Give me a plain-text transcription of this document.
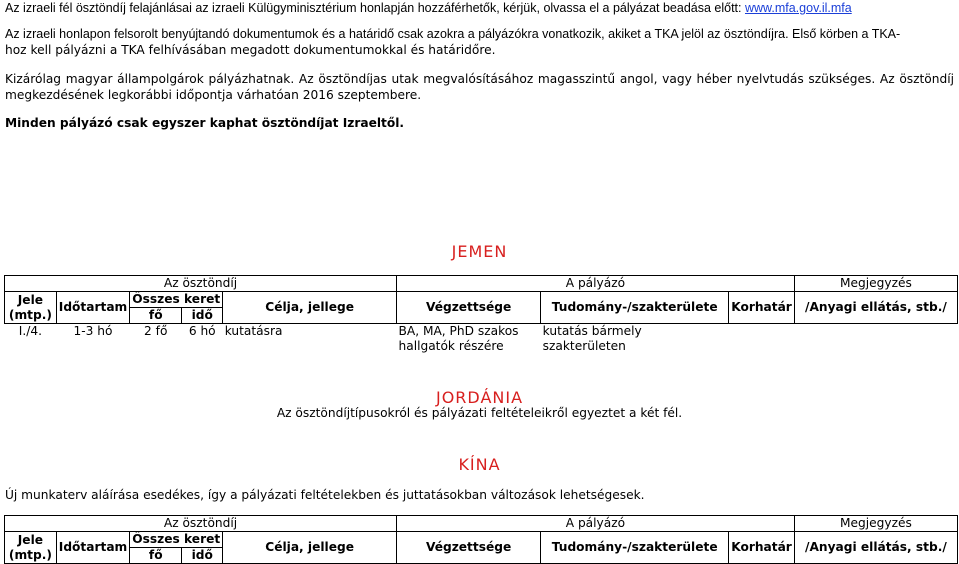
Az izraeli fél ösztöndíj felajánlásai az izraeli Külügyminisztérium honlapján hozzáférhetők, kérjük, olvassa el a pályázat beadása előtt: www.mfa.gov.il.mfa
Az izraeli honlapon felsorolt benyújtandó dokumentumok és a határidő csak azokra a pályázókra vonatkozik, akiket a TKA jelöl az ösztöndíjra. Első körben a TKA-
hoz kell pályázni a TKA felhívásában megadott dokumentumokkal és határidőre.
Kizárólag magyar állampolgárok pályázhatnak. Az ösztöndíjas utak megvalósításához magasszintű angol, vagy héber nyelvtudás szükséges. Az ösztöndíj
megkezdésének legkorábbi időpontja várhatóan 2016 szeptembere.
Minden pályázó csak egyszer kaphat ösztöndíjat Izraeltől.
JEMEN
Az ösztöndíj					A pályázó			Megjegyzés
Jele
(mtp.)	Időtartam	Összes keret		Célja, jellege	Végzettsége	Tudomány-/szakterülete	Korhatár	/Anyagi ellátás, stb./
		fő	idő					
I./4.	1-3 hó	2 fő	6 hó	kutatásra	BA, MA, PhD szakos hallgatók részére	kutatás bármely szakterületen		
JORDÁNIA
Az ösztöndíjtípusokról és pályázati feltételeikről egyeztet a két fél.
KÍNA
Új munkaterv aláírása esedékes, így a pályázati feltételekben és juttatásokban változások lehetségesek.
Az ösztöndíj					A pályázó			Megjegyzés
Jele
(mtp.)	Időtartam	Összes keret		Célja, jellege	Végzettsége	Tudomány-/szakterülete	Korhatár	/Anyagi ellátás, stb./
		fő	idő					
